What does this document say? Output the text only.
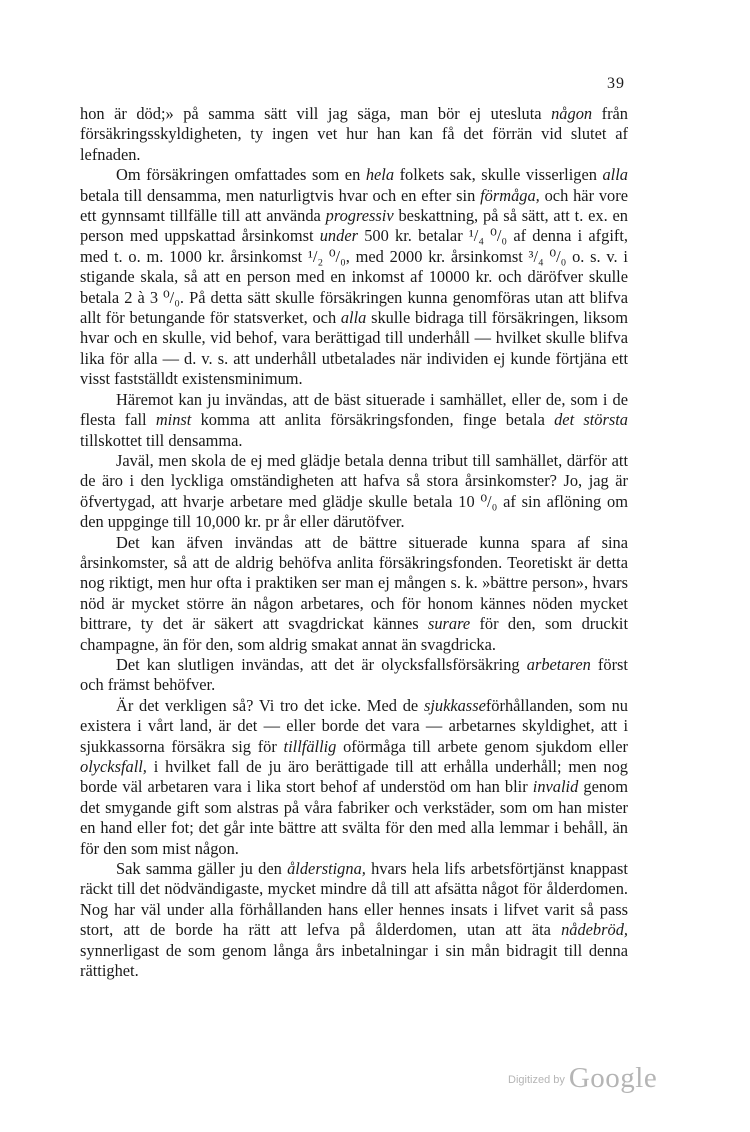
39

hon är död;» på samma sätt vill jag säga, man bör ej utesluta någon från försäkringsskyldigheten, ty ingen vet hur han kan få det förrän vid slutet af lefnaden.

Om försäkringen omfattades som en hela folkets sak, skulle visserligen alla betala till densamma, men naturligtvis hvar och en efter sin förmåga, och här vore ett gynnsamt tillfälle till att använda progressiv beskattning, på så sätt, att t. ex. en person med uppskattad årsinkomst under 500 kr. betalar ¹/₄ ⁰/₀ af denna i afgift, med t. o. m. 1000 kr. årsinkomst ¹/₂ ⁰/₀, med 2000 kr. årsinkomst ³/₄ ⁰/₀ o. s. v. i stigande skala, så att en person med en inkomst af 10000 kr. och däröfver skulle betala 2 à 3 ⁰/₀. På detta sätt skulle försäkringen kunna genomföras utan att blifva allt för betungande för statsverket, och alla skulle bidraga till försäkringen, liksom hvar och en skulle, vid behof, vara berättigad till underhåll — hvilket skulle blifva lika för alla — d. v. s. att underhåll utbetalades när individen ej kunde förtjäna ett visst fastställdt existensminimum.

Häremot kan ju invändas, att de bäst situerade i samhället, eller de, som i de flesta fall minst komma att anlita försäkringsfonden, finge betala det största tillskottet till densamma.

Javäl, men skola de ej med glädje betala denna tribut till samhället, därför att de äro i den lyckliga omständigheten att hafva så stora årsinkomster? Jo, jag är öfvertygad, att hvarje arbetare med glädje skulle betala 10 ⁰/₀ af sin aflöning om den uppginge till 10,000 kr. pr år eller därutöfver.

Det kan äfven invändas att de bättre situerade kunna spara af sina årsinkomster, så att de aldrig behöfva anlita försäkringsfonden. Teoretiskt är detta nog riktigt, men hur ofta i praktiken ser man ej mången s. k. »bättre person», hvars nöd är mycket större än någon arbetares, och för honom kännes nöden mycket bittrare, ty det är säkert att svagdrickat kännes surare för den, som druckit champagne, än för den, som aldrig smakat annat än svagdricka.

Det kan slutligen invändas, att det är olycksfallsförsäkring arbetaren först och främst behöfver.

Är det verkligen så? Vi tro det icke. Med de sjukkasseförhållanden, som nu existera i vårt land, är det — eller borde det vara — arbetarnes skyldighet, att i sjukkassorna försäkra sig för tillfällig oförmåga till arbete genom sjukdom eller olycksfall, i hvilket fall de ju äro berättigade till att erhålla underhåll; men nog borde väl arbetaren vara i lika stort behof af understöd om han blir invalid genom det smygande gift som alstras på våra fabriker och verkstäder, som om han mister en hand eller fot; det går inte bättre att svälta för den med alla lemmar i behåll, än för den som mist någon.

Sak samma gäller ju den ålderstigna, hvars hela lifs arbetsförtjänst knappast räckt till det nödvändigaste, mycket mindre då till att afsätta något för ålderdomen. Nog har väl under alla förhållanden hans eller hennes insats i lifvet varit så pass stort, att de borde ha rätt att lefva på ålderdomen, utan att äta nådebröd, synnerligast de som genom långa års inbetalningar i sin mån bidragit till denna rättighet.

$^{Digitized by}$ Google
